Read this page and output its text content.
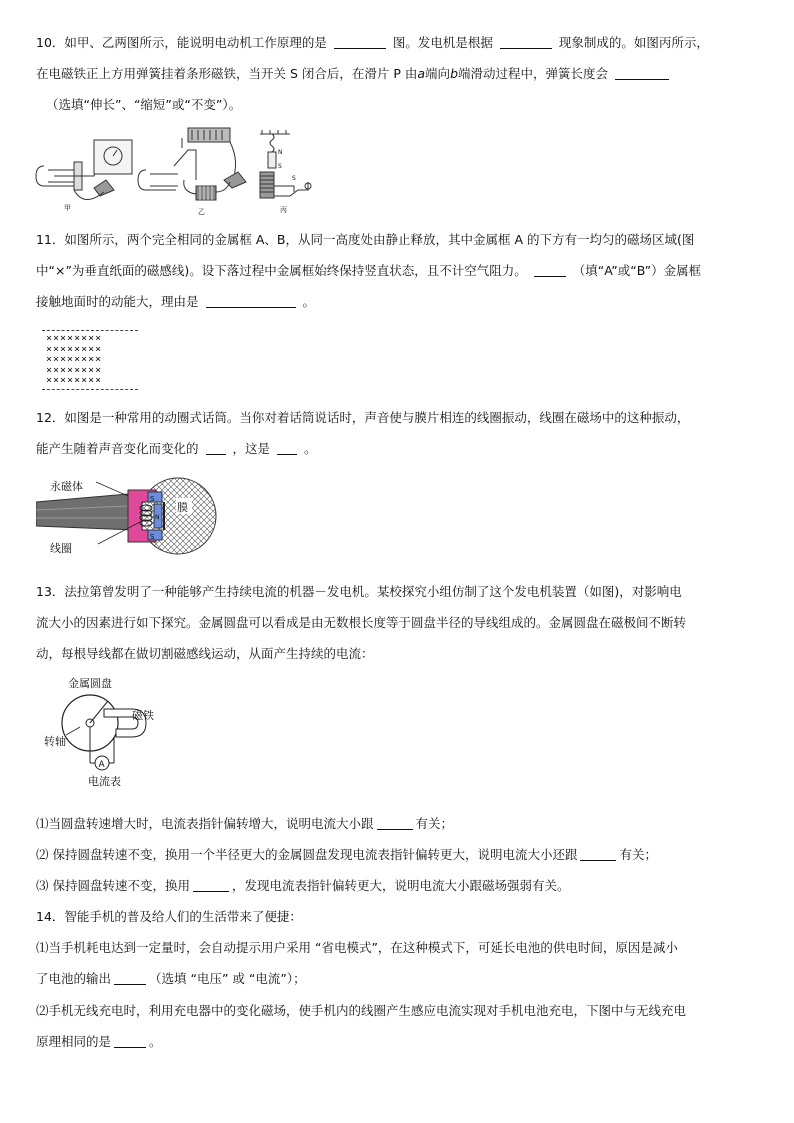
10．如甲、乙两图所示，能说明电动机工作原理的是	图。发电机是根据	现象制成的。如图丙所示，
在电磁铁正上方用弹簧挂着条形磁铁，当开关 S 闭合后，在滑片 P 由a端向b端滑动过程中，弹簧长度会
（选填“伸长”、“缩短”或“不变”）。
甲	乙	丙
N
S
S
11．如图所示，两个完全相同的金属框 A、B，从同一高度处由静止释放，其中金属框 A 的下方有一均匀的磁场区域(图
中“×”为垂直纸面的磁感线)。设下落过程中金属框始终保持竖直状态，且不计空气阻力。	（填“A”或“B”）金属框
接触地面时的动能大，理由是	。
××××××××
××××××××
××××××××
××××××××
××××××××
12．如图是一种常用的动圈式话筒。当你对着话筒说话时，声音使与膜片相连的线圈振动，线圈在磁场中的这种振动，
能产生随着声音变化而变化的	，这是	。
S
S
N
膜
永磁体
线圈
13．法拉第曾发明了一种能够产生持续电流的机器－发电机。某校探究小组仿制了这个发电机装置（如图)，对影响电
流大小的因素进行如下探究。金属圆盘可以看成是由无数根长度等于圆盘半径的导线组成的。金属圆盘在磁极间不断转
动，每根导线都在做切割磁感线运动，从面产生持续的电流：
A
金属圆盘
磁铁
转轴
电流表
⑴当圆盘转速增大时，电流表指针偏转增大，说明电流大小跟	有关；
⑵ 保持圆盘转速不变，换用一个半径更大的金属圆盘发现电流表指针偏转更大，说明电流大小还跟	有关；
⑶ 保持圆盘转速不变，换用	，发现电流表指针偏转更大，说明电流大小跟磁场强弱有关。
14．智能手机的普及给人们的生活带来了便捷：
⑴当手机耗电达到一定量时，会自动提示用户采用 “省电模式”，在这种模式下，可延长电池的供电时间，原因是减小
了电池的输出	（选填 “电压” 或 “电流”）；
⑵手机无线充电时，利用充电器中的变化磁场，使手机内的线圈产生感应电流实现对手机电池充电，下图中与无线充电
原理相同的是	。
